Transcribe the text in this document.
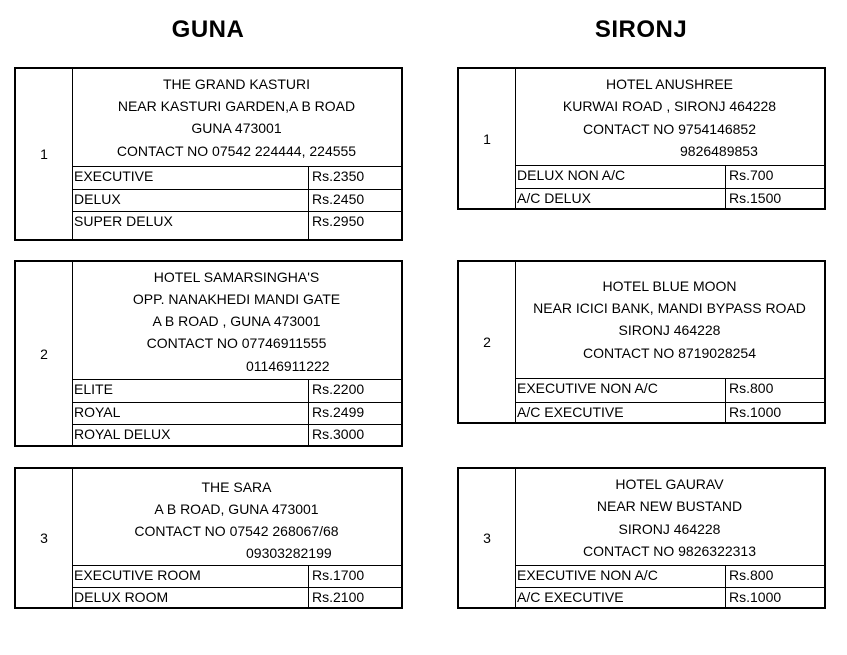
GUNA	SIRONJ
1
THE GRAND KASTURI
NEAR KASTURI GARDEN,A B ROAD
GUNA 473001
CONTACT NO 07542 224444, 224555
EXECUTIVE	Rs.2350
DELUX	Rs.2450
SUPER DELUX	Rs.2950
2
HOTEL SAMARSINGHA'S
OPP. NANAKHEDI MANDI GATE
A B ROAD , GUNA 473001
CONTACT NO 07746911555
01146911222
ELITE	Rs.2200
ROYAL	Rs.2499
ROYAL DELUX	Rs.3000
3
THE SARA
A B ROAD, GUNA 473001
CONTACT NO 07542 268067/68
09303282199
EXECUTIVE ROOM	Rs.1700
DELUX ROOM	Rs.2100
1
HOTEL ANUSHREE
KURWAI ROAD , SIRONJ 464228
CONTACT NO 9754146852
9826489853
DELUX NON A/C	Rs.700
A/C DELUX	Rs.1500
2
HOTEL BLUE MOON
NEAR ICICI BANK, MANDI BYPASS ROAD
SIRONJ 464228
CONTACT NO 8719028254
EXECUTIVE NON A/C	Rs.800
A/C EXECUTIVE	Rs.1000
3
HOTEL GAURAV
NEAR NEW BUSTAND
SIRONJ 464228
CONTACT NO 9826322313
EXECUTIVE NON A/C	Rs.800
A/C EXECUTIVE	Rs.1000
